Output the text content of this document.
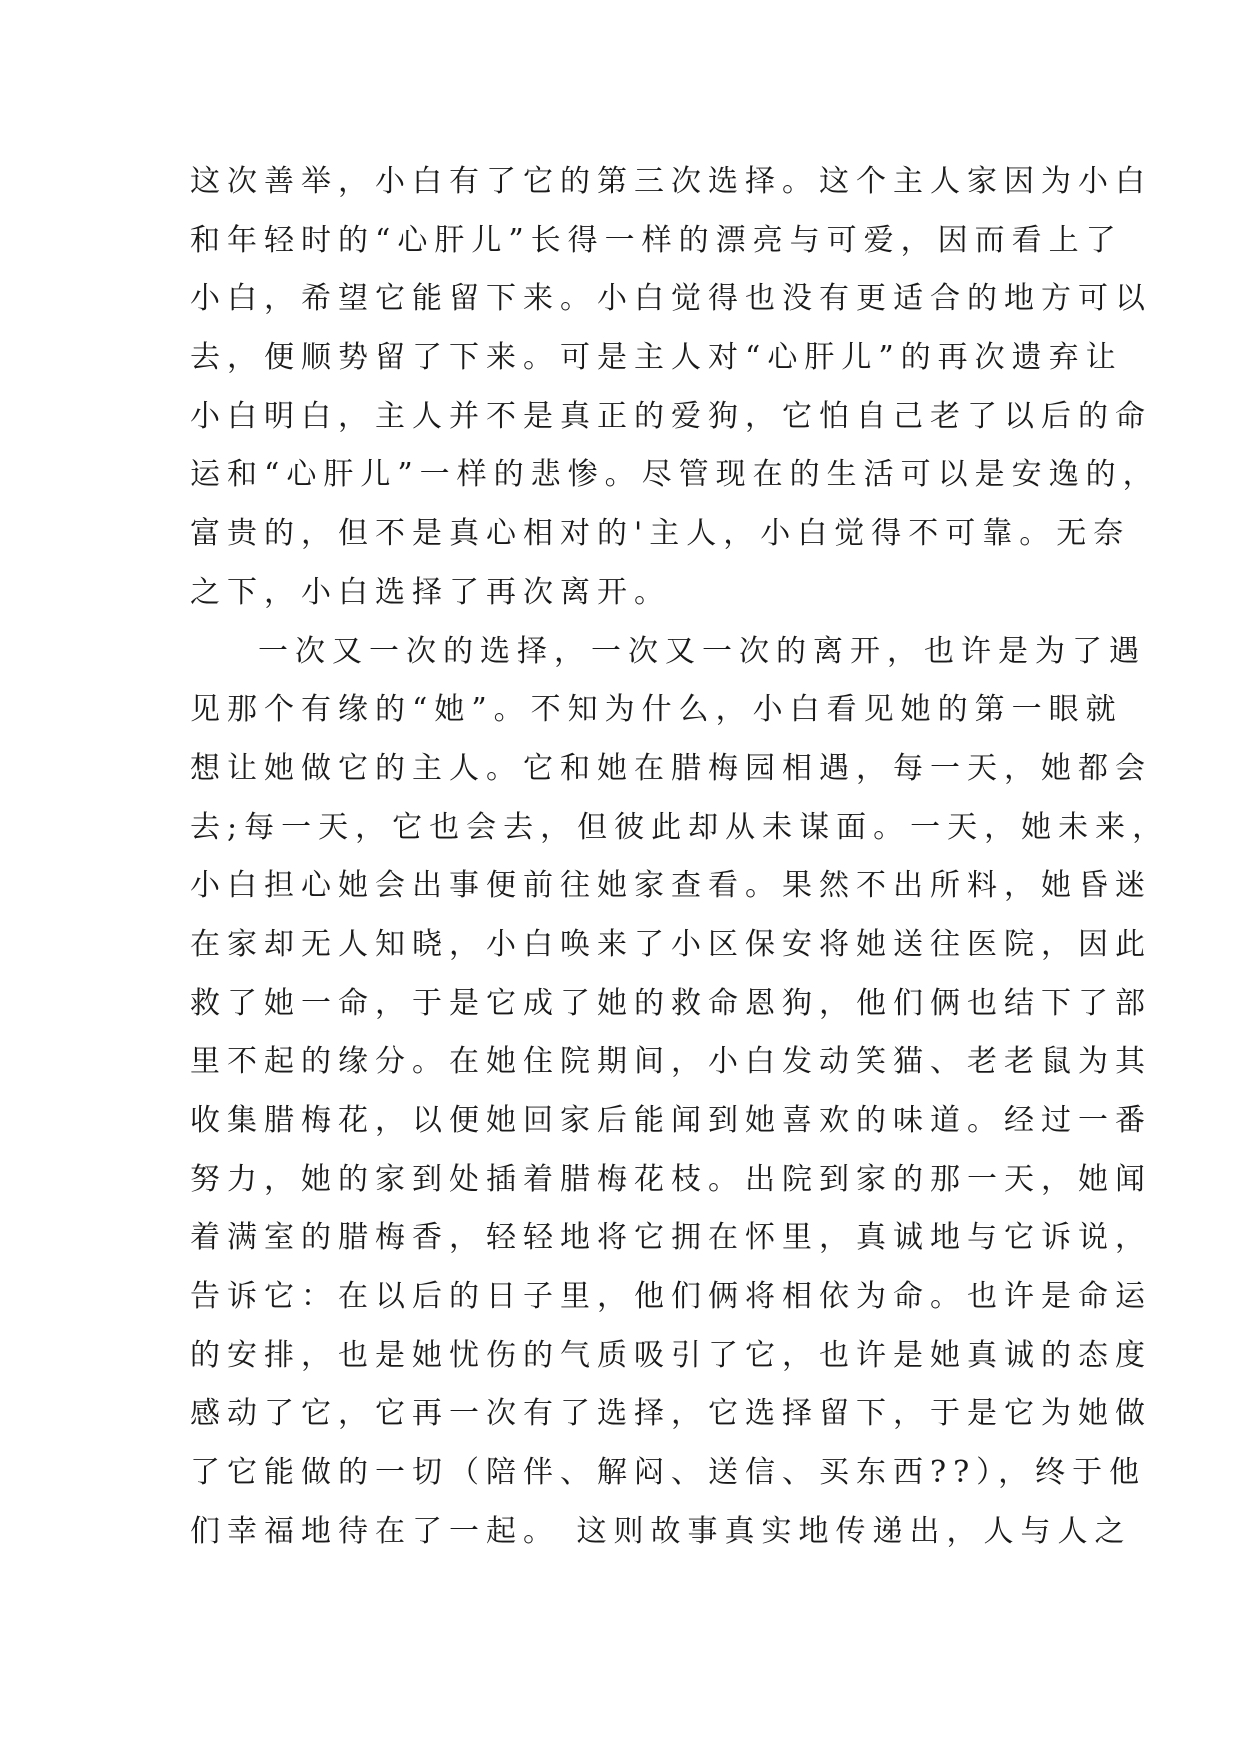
这次善举，小白有了它的第三次选择。这个主人家因为小白
和年轻时的“心肝儿”长得一样的漂亮与可爱，因而看上了
小白，希望它能留下来。小白觉得也没有更适合的地方可以
去，便顺势留了下来。可是主人对“心肝儿”的再次遗弃让
小白明白，主人并不是真正的爱狗，它怕自己老了以后的命
运和“心肝儿”一样的悲惨。尽管现在的生活可以是安逸的，
富贵的，但不是真心相对的'主人，小白觉得不可靠。无奈
之下，小白选择了再次离开。
一次又一次的选择，一次又一次的离开，也许是为了遇
见那个有缘的“她”。不知为什么，小白看见她的第一眼就
想让她做它的主人。它和她在腊梅园相遇，每一天，她都会
去;每一天，它也会去，但彼此却从未谋面。一天，她未来，
小白担心她会出事便前往她家查看。果然不出所料，她昏迷
在家却无人知晓，小白唤来了小区保安将她送往医院，因此
救了她一命，于是它成了她的救命恩狗，他们俩也结下了部
里不起的缘分。在她住院期间，小白发动笑猫、老老鼠为其
收集腊梅花，以便她回家后能闻到她喜欢的味道。经过一番
努力，她的家到处插着腊梅花枝。出院到家的那一天，她闻
着满室的腊梅香，轻轻地将它拥在怀里，真诚地与它诉说，
告诉它：在以后的日子里，他们俩将相依为命。也许是命运
的安排，也是她忧伤的气质吸引了它，也许是她真诚的态度
感动了它，它再一次有了选择，它选择留下，于是它为她做
了它能做的一切（陪伴、解闷、送信、买东西??），终于他
们幸福地待在了一起。 这则故事真实地传递出，人与人之
